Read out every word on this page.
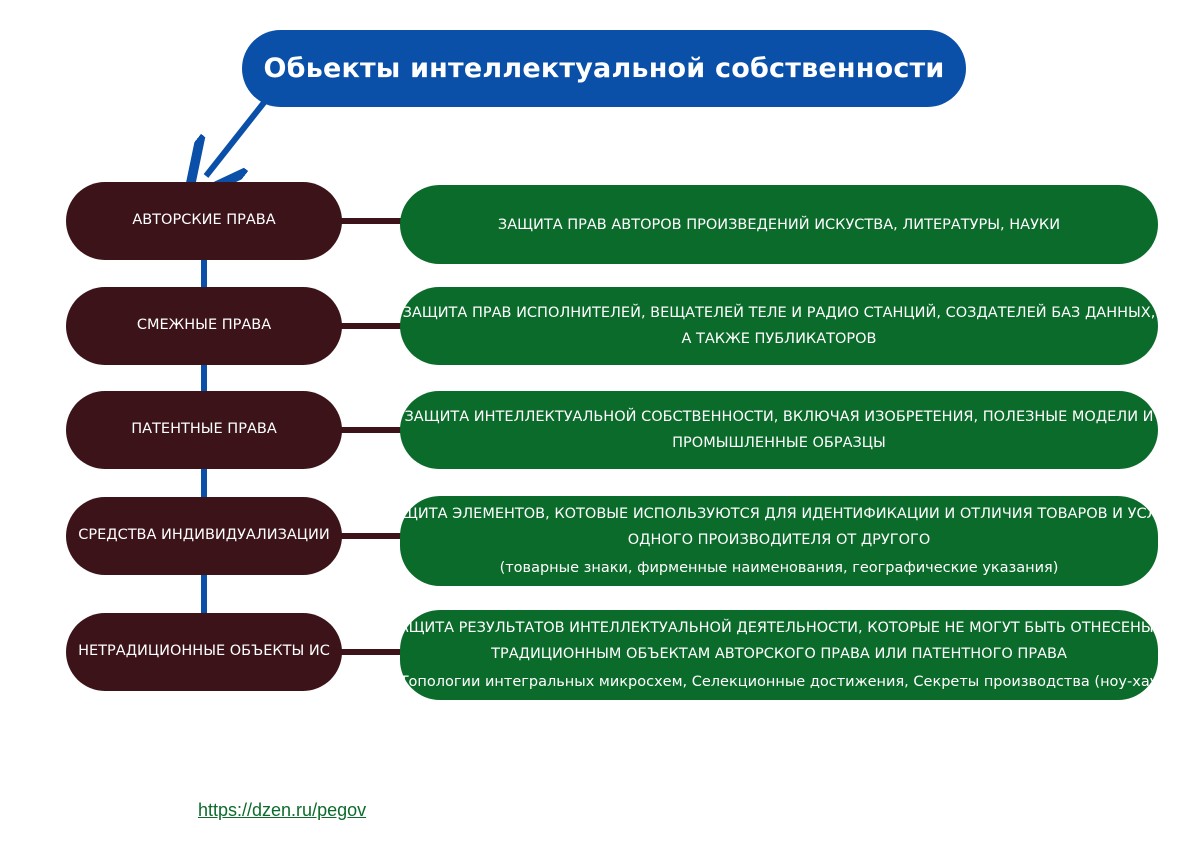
Обьекты интеллектуальной собственности
АВТОРСКИЕ ПРАВА	ЗАЩИТА ПРАВ АВТОРОВ ПРОИЗВЕДЕНИЙ ИСКУСТВА, ЛИТЕРАТУРЫ, НАУКИ
СМЕЖНЫЕ ПРАВА
ЗАЩИТА ПРАВ ИСПОЛНИТЕЛЕЙ, ВЕЩАТЕЛЕЙ ТЕЛЕ И РАДИО СТАНЦИЙ, СОЗДАТЕЛЕЙ БАЗ ДАННЫХ,
А ТАКЖЕ ПУБЛИКАТОРОВ
ПАТЕНТНЫЕ ПРАВА
ЗАЩИТА ИНТЕЛЛЕКТУАЛЬНОЙ СОБСТВЕННОСТИ, ВКЛЮЧАЯ ИЗОБРЕТЕНИЯ, ПОЛЕЗНЫЕ МОДЕЛИ И
ПРОМЫШЛЕННЫЕ ОБРАЗЦЫ
СРЕДСТВА ИНДИВИДУАЛИЗАЦИИ
ЗАЩИТА ЭЛЕМЕНТОВ, КОТОВЫЕ ИСПОЛЬЗУЮТСЯ ДЛЯ ИДЕНТИФИКАЦИИ И ОТЛИЧИЯ ТОВАРОВ И УСЛУГ
ОДНОГО ПРОИЗВОДИТЕЛЯ ОТ ДРУГОГО
(товарные знаки, фирменные наименования, географические указания)
НЕТРАДИЦИОННЫЕ ОБЪЕКТЫ ИС
ЗАЩИТА РЕЗУЛЬТАТОВ ИНТЕЛЛЕКТУАЛЬНОЙ ДЕЯТЕЛЬНОСТИ, КОТОРЫЕ НЕ МОГУТ БЫТЬ ОТНЕСЕНЫ К
ТРАДИЦИОННЫМ ОБЪЕКТАМ АВТОРСКОГО ПРАВА ИЛИ ПАТЕНТНОГО ПРАВА
(Топологии интегральных микросхем, Селекционные достижения, Секреты производства (ноу-хау)
https://dzen.ru/pegov
